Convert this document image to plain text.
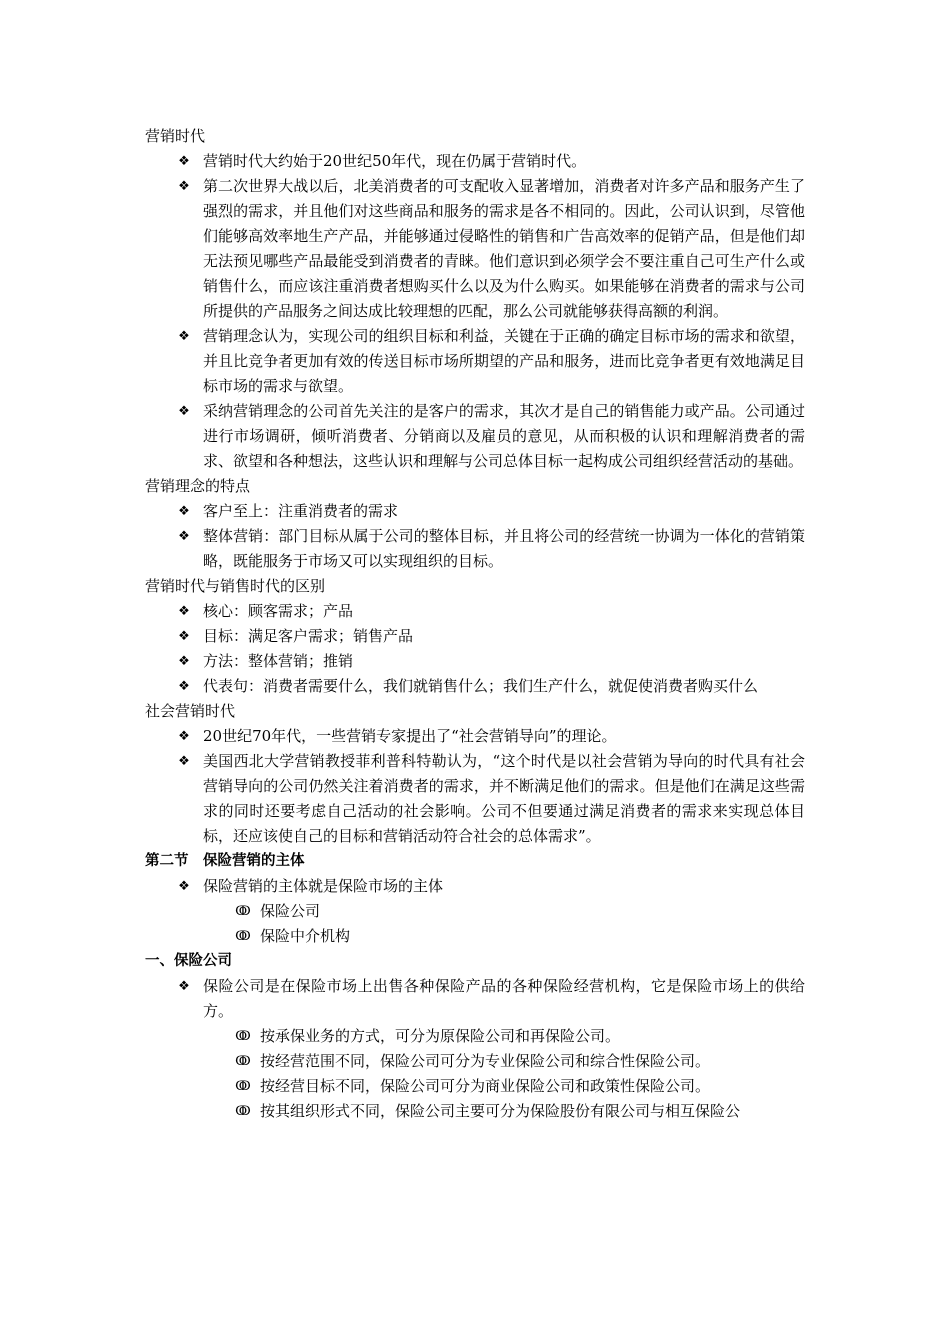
营销时代
❖ 营销时代大约始于20世纪50年代，现在仍属于营销时代。
❖ 第二次世界大战以后，北美消费者的可支配收入显著增加，消费者对许多产品和服务产生了强烈的需求，并且他们对这些商品和服务的需求是各不相同的。因此，公司认识到，尽管他们能够高效率地生产产品，并能够通过侵略性的销售和广告高效率的促销产品，但是他们却无法预见哪些产品最能受到消费者的青睐。他们意识到必须学会不要注重自己可生产什么或销售什么，而应该注重消费者想购买什么以及为什么购买。如果能够在消费者的需求与公司所提供的产品服务之间达成比较理想的匹配，那么公司就能够获得高额的利润。
❖ 营销理念认为，实现公司的组织目标和利益，关键在于正确的确定目标市场的需求和欲望，并且比竞争者更加有效的传送目标市场所期望的产品和服务，进而比竞争者更有效地满足目标市场的需求与欲望。
❖ 采纳营销理念的公司首先关注的是客户的需求，其次才是自己的销售能力或产品。公司通过进行市场调研，倾听消费者、分销商以及雇员的意见，从而积极的认识和理解消费者的需求、欲望和各种想法，这些认识和理解与公司总体目标一起构成公司组织经营活动的基础。
营销理念的特点
❖ 客户至上：注重消费者的需求
❖ 整体营销：部门目标从属于公司的整体目标，并且将公司的经营统一协调为一体化的营销策略，既能服务于市场又可以实现组织的目标。
营销时代与销售时代的区别
❖ 核心：顾客需求；产品
❖ 目标：满足客户需求；销售产品
❖ 方法：整体营销；推销
❖ 代表句：消费者需要什么，我们就销售什么；我们生产什么，就促使消费者购买什么
社会营销时代
❖ 20世纪70年代，一些营销专家提出了“社会营销导向”的理论。
❖ 美国西北大学营销教授菲利普科特勒认为，“这个时代是以社会营销为导向的时代具有社会营销导向的公司仍然关注着消费者的需求，并不断满足他们的需求。但是他们在满足这些需求的同时还要考虑自己活动的社会影响。公司不但要通过满足消费者的需求来实现总体目标，还应该使自己的目标和营销活动符合社会的总体需求”。
第二节　保险营销的主体
❖ 保险营销的主体就是保险市场的主体
ↂ 保险公司
ↂ 保险中介机构
一、保险公司
❖ 保险公司是在保险市场上出售各种保险产品的各种保险经营机构，它是保险市场上的供给方。
ↂ 按承保业务的方式，可分为原保险公司和再保险公司。
ↂ 按经营范围不同，保险公司可分为专业保险公司和综合性保险公司。
ↂ 按经营目标不同，保险公司可分为商业保险公司和政策性保险公司。
ↂ 按其组织形式不同，保险公司主要可分为保险股份有限公司与相互保险公
